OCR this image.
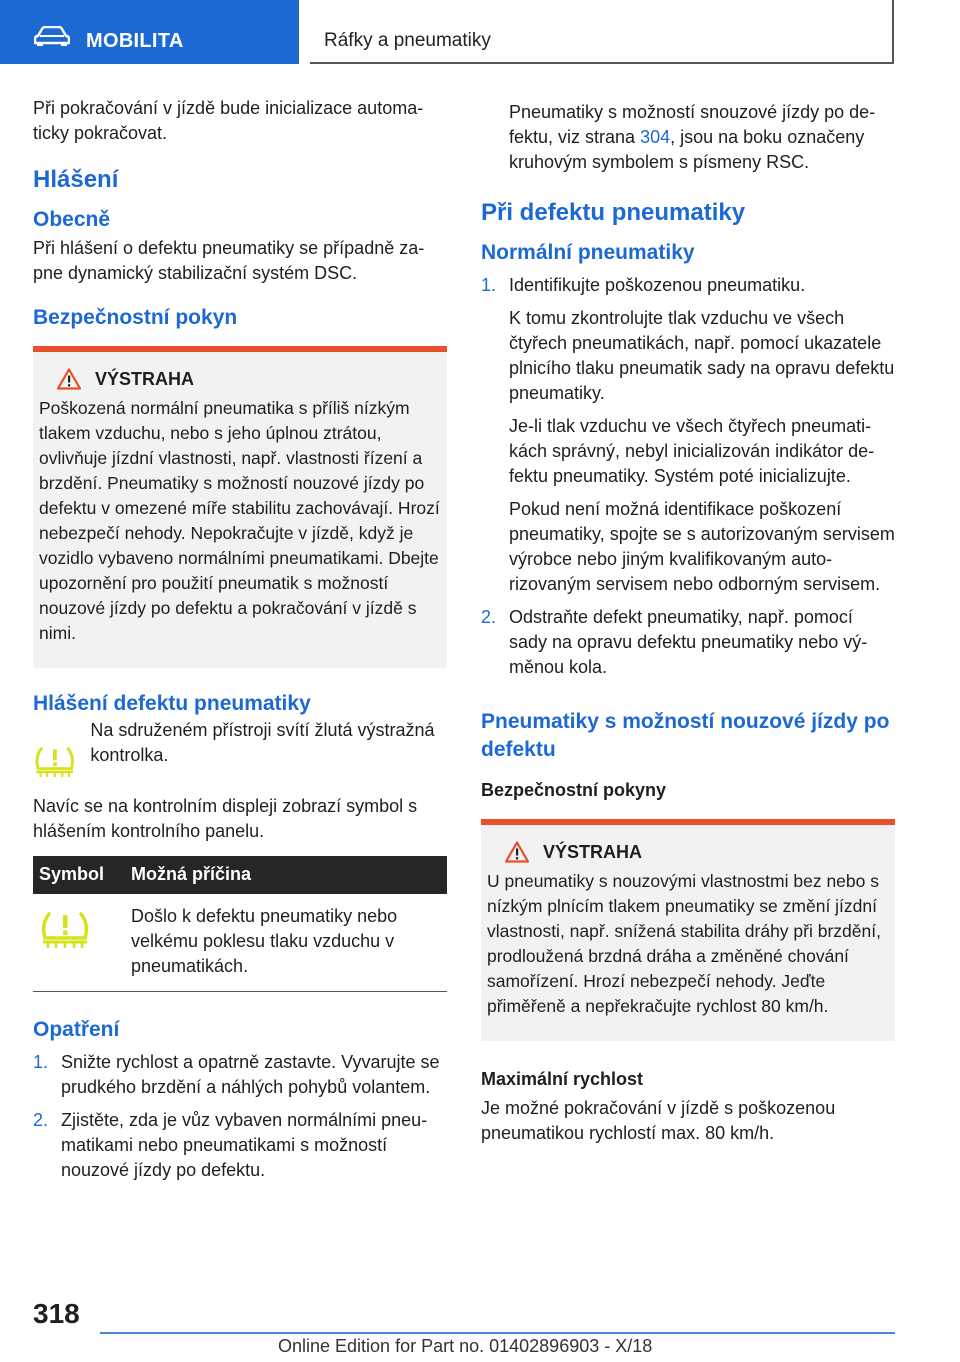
MOBILITA	Ráfky a pneumatiky

Při pokračování v jízdě bude inicializace automaticky pokračovat.

Hlášení
Obecně

Při hlášení o defektu pneumatiky se případně zapne dynamický stabilizační systém DSC.

Bezpečnostní pokyn
VÝSTRAHA

Poškozená normální pneumatika s příliš nízkým tlakem vzduchu, nebo s jeho úplnou ztrátou, ovlivňuje jízdní vlastnosti, např. vlastnosti řízení a brzdění. Pneumatiky s možností nouzové jízdy po defektu v omezené míře stabilitu zachovávají. Hrozí nebezpečí nehody. Nepokračujte v jízdě, když je vozidlo vybaveno normálními pneumatikami. Dbejte upozornění pro použití pneumatik s možností nouzové jízdy po defektu a pokračování v jízdě s nimi.

Hlášení defektu pneumatiky

Na sdruženém přístroji svítí žlutá výstražná kontrolka.

Navíc se na kontrolním displeji zobrazí symbol s hlášením kontrolního panelu.

Symbol	Možná příčina
	Došlo k defektu pneumatiky nebo velkému poklesu tlaku vzduchu v pneumatikách.
Opatření
1. Snižte rychlost a opatrně zastavte. Vyvarujte se prudkého brzdění a náhlých pohybů volantem.
2. Zjistěte, zda je vůz vybaven normálními pneumatikami nebo pneumatikami s možností nouzové jízdy po defektu.

Pneumatiky s možností snouzové jízdy po defektu, viz strana 304, jsou na boku označeny kruhovým symbolem s písmeny RSC.

Při defektu pneumatiky
Normální pneumatiky
1. Identifikujte poškozenou pneumatiku.
K tomu zkontrolujte tlak vzduchu ve všech čtyřech pneumatikách, např. pomocí ukazatele plnicího tlaku pneumatik sady na opravu defektu pneumatiky.
Je-li tlak vzduchu ve všech čtyřech pneumatikách správný, nebyl inicializován indikátor defektu pneumatiky. Systém poté inicializujte.
Pokud není možná identifikace poškození pneumatiky, spojte se s autorizovaným servisem výrobce nebo jiným kvalifikovaným autorizovaným servisem nebo odborným servisem.
2. Odstraňte defekt pneumatiky, např. pomocí sady na opravu defektu pneumatiky nebo výměnou kola.
Pneumatiky s možností nouzové jízdy po defektu
Bezpečnostní pokyny
VÝSTRAHA

U pneumatiky s nouzovými vlastnostmi bez nebo s nízkým plnícím tlakem pneumatiky se změní jízdní vlastnosti, např. snížená stabilita dráhy při brzdění, prodloužená brzdná dráha a změněné chování samořízení. Hrozí nebezpečí nehody. Jeďte přiměřeně a nepřekračujte rychlost 80 km/h.

Maximální rychlost

Je možné pokračování v jízdě s poškozenou pneumatikou rychlostí max. 80 km/h.

318
Online Edition for Part no. 01402896903 - X/18
